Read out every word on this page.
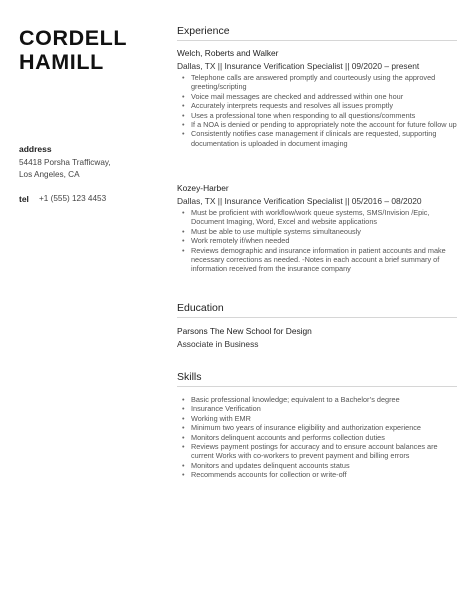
CORDELL
HAMILL
address
54418 Porsha Trafficway,
Los Angeles, CA
tel +1 (555) 123 4453
Experience
Welch, Roberts and Walker
Dallas, TX || Insurance Verification Specialist || 09/2020 – present
• Telephone calls are answered promptly and courteously using the approved greeting/scripting
• Voice mail messages are checked and addressed within one hour
• Accurately interprets requests and resolves all issues promptly
• Uses a professional tone when responding to all questions/comments
• If a NOA is denied or pending to appropriately note the account for future follow up
• Consistently notifies case management if clinicals are requested, supporting documentation is uploaded in document imaging
Kozey-Harber
Dallas, TX || Insurance Verification Specialist || 05/2016 – 08/2020
• Must be proficient with workflow/work queue systems, SMS/Invision /Epic, Document Imaging, Word, Excel and website applications
• Must be able to use multiple systems simultaneously
• Work remotely if/when needed
• Reviews demographic and insurance information in patient accounts and make necessary corrections as needed. -Notes in each account a brief summary of information received from the insurance company
Education
Parsons The New School for Design
Associate in Business
Skills
• Basic professional knowledge; equivalent to a Bachelor’s degree
• Insurance Verification
• Working with EMR
• Minimum two years of insurance eligibility and authorization experience
• Monitors delinquent accounts and performs collection duties
• Reviews payment postings for accuracy and to ensure account balances are current Works with co-workers to prevent payment and billing errors
• Monitors and updates delinquent accounts status
• Recommends accounts for collection or write-off
